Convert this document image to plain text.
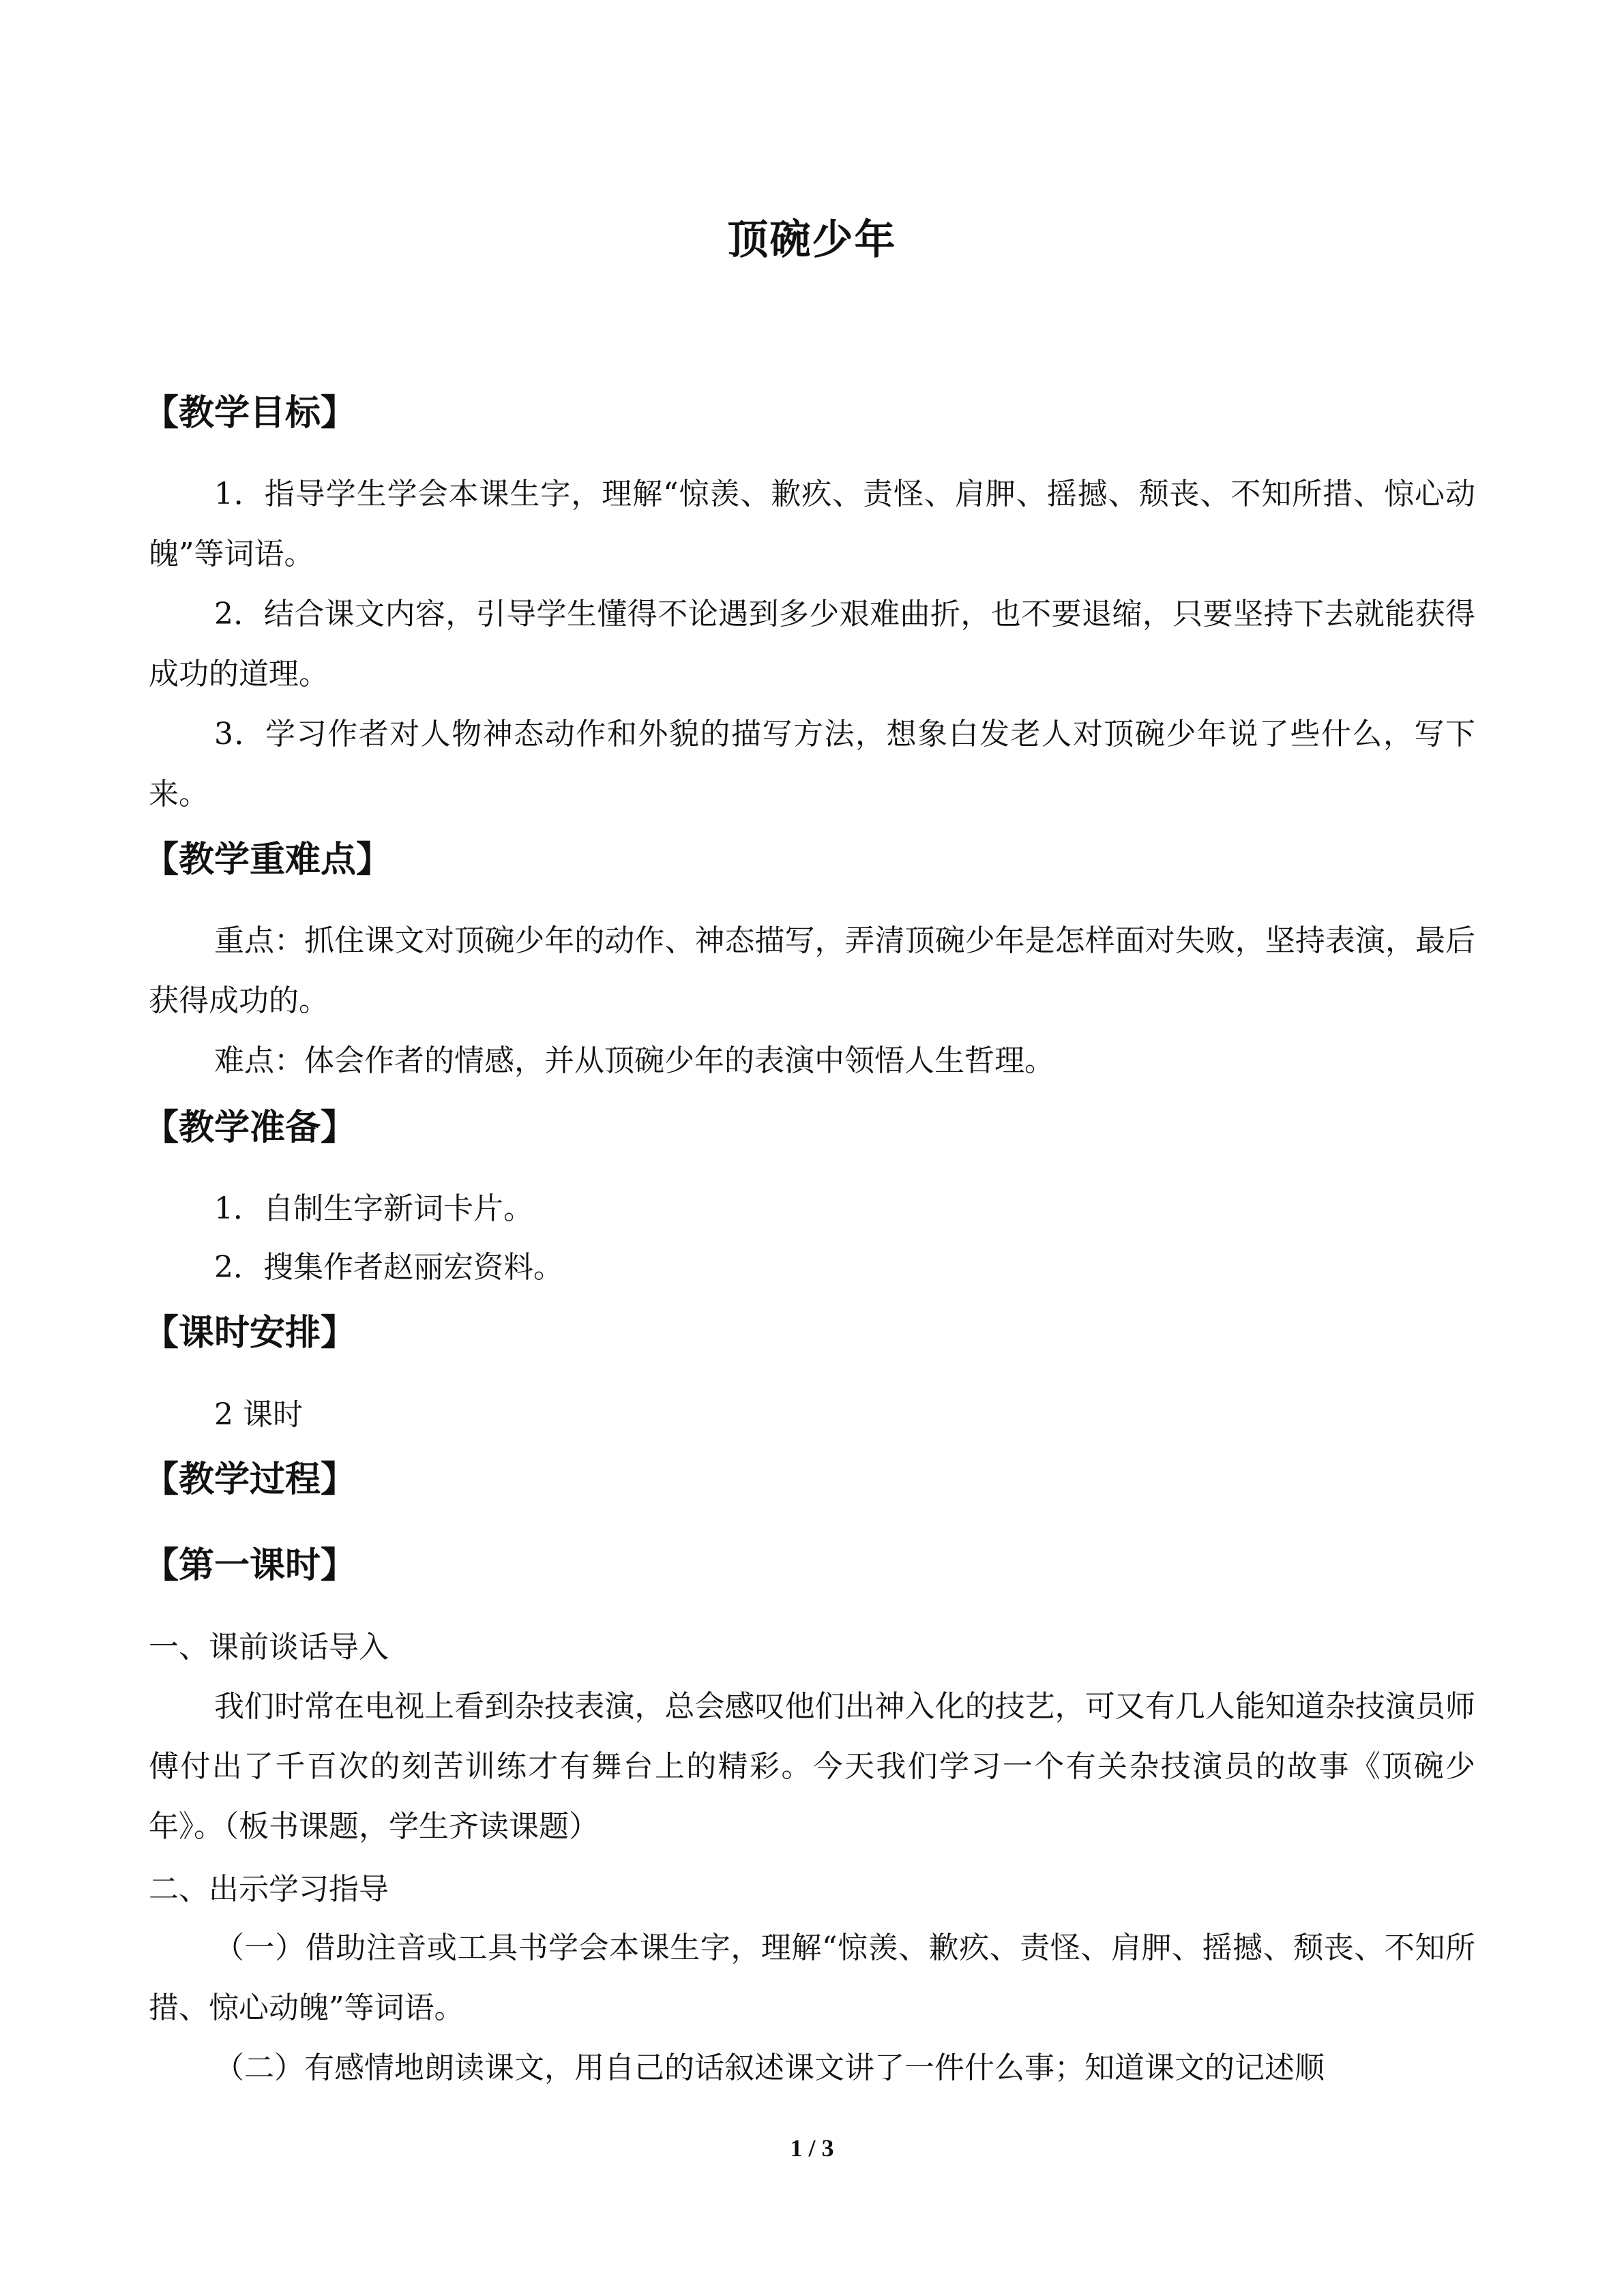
顶碗少年
【教学目标】

1．指导学生学会本课生字，理解“惊羡、歉疚、责怪、肩胛、摇撼、颓丧、不知所措、惊心动魄”等词语。

2．结合课文内容，引导学生懂得不论遇到多少艰难曲折，也不要退缩，只要坚持下去就能获得成功的道理。

3．学习作者对人物神态动作和外貌的描写方法，想象白发老人对顶碗少年说了些什么，写下来。

【教学重难点】

重点：抓住课文对顶碗少年的动作、神态描写，弄清顶碗少年是怎样面对失败，坚持表演，最后获得成功的。

难点：体会作者的情感，并从顶碗少年的表演中领悟人生哲理。

【教学准备】
1．自制生字新词卡片。
2．搜集作者赵丽宏资料。
【课时安排】
2 课时
【教学过程】
【第一课时】
一、课前谈话导入

我们时常在电视上看到杂技表演，总会感叹他们出神入化的技艺，可又有几人能知道杂技演员师傅付出了千百次的刻苦训练才有舞台上的精彩。今天我们学习一个有关杂技演员的故事《顶碗少年》。（板书课题，学生齐读课题）

二、出示学习指导

（一）借助注音或工具书学会本课生字，理解“惊羡、歉疚、责怪、肩胛、摇撼、颓丧、不知所措、惊心动魄”等词语。

（二）有感情地朗读课文，用自己的话叙述课文讲了一件什么事；知道课文的记述顺

1 / 3
